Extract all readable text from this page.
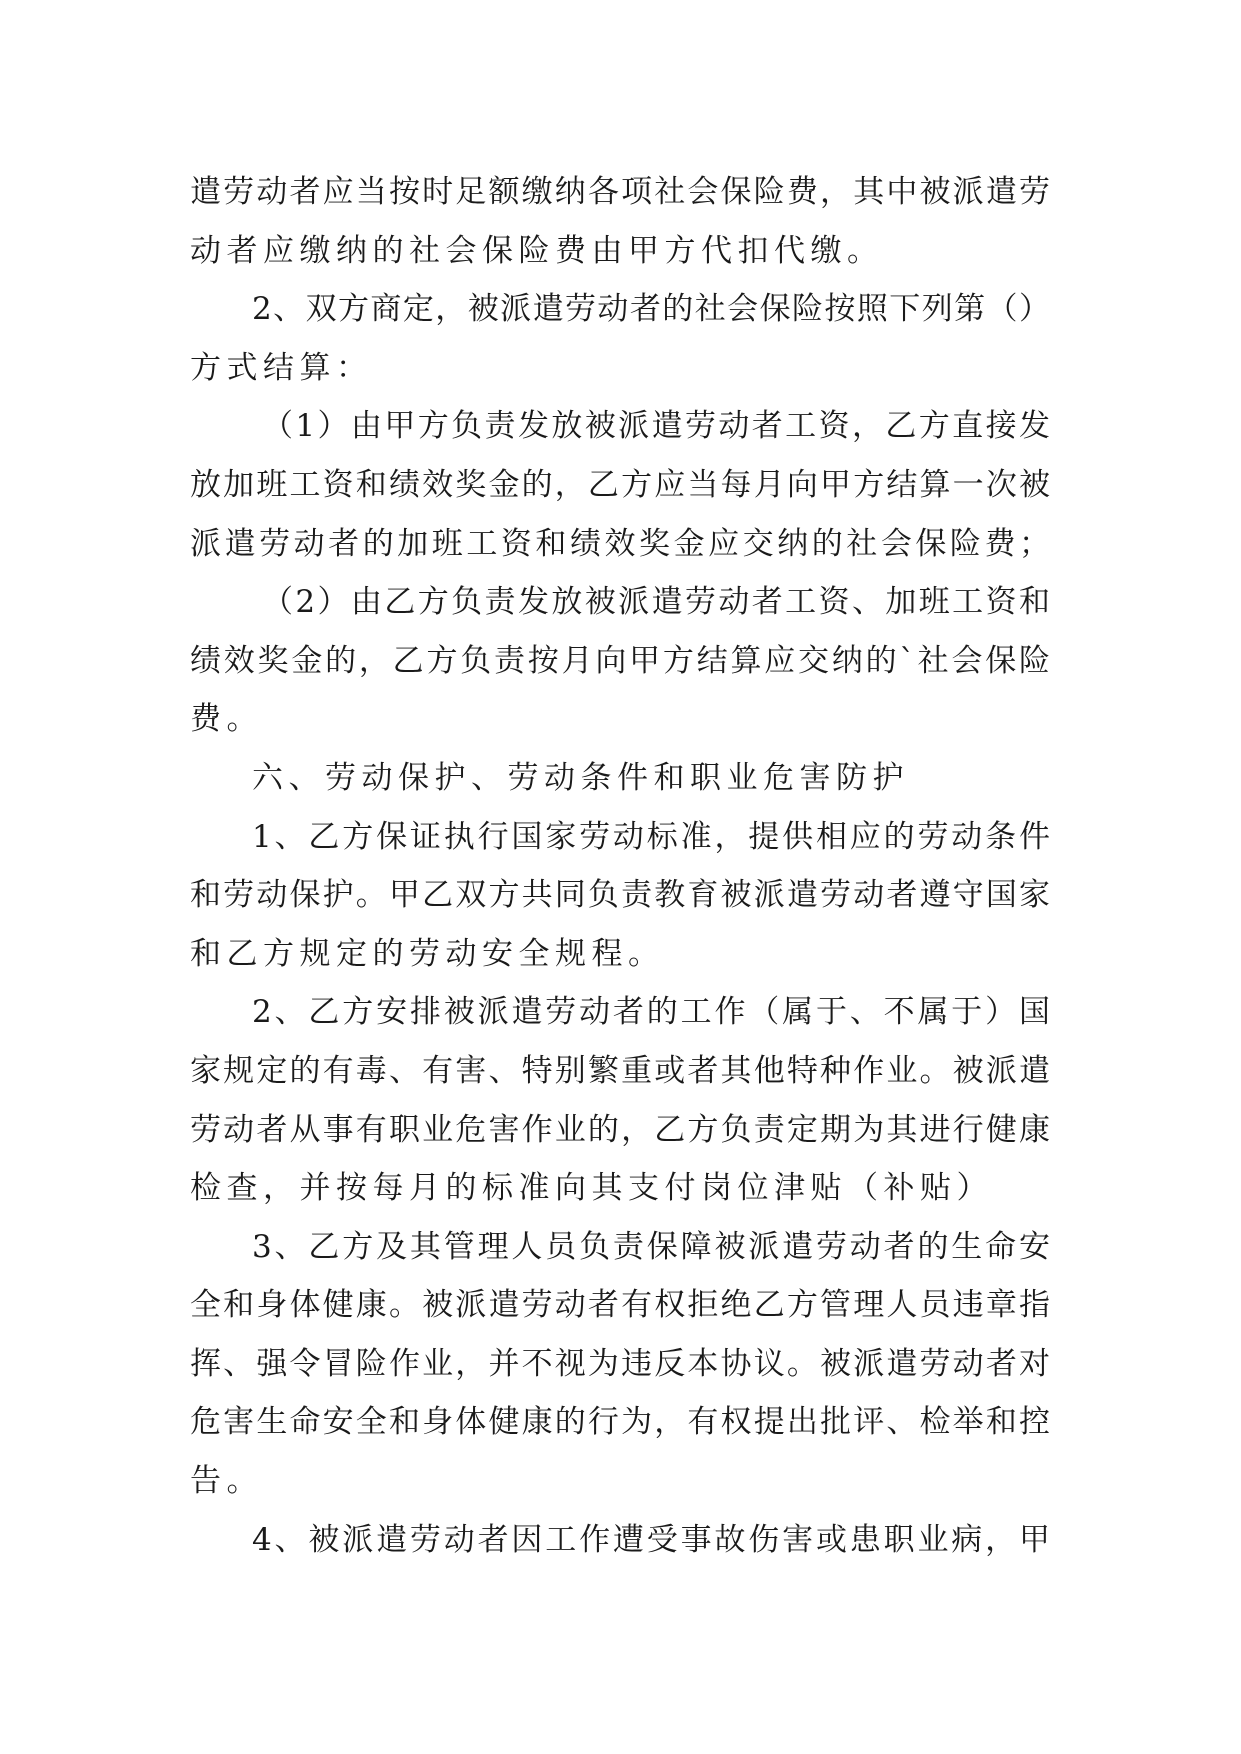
遣劳动者应当按时足额缴纳各项社会保险费，其中被派遣劳
动者应缴纳的社会保险费由甲方代扣代缴。
2、双方商定，被派遣劳动者的社会保险按照下列第（）
方式结算：
（1）由甲方负责发放被派遣劳动者工资，乙方直接发
放加班工资和绩效奖金的，乙方应当每月向甲方结算一次被
派遣劳动者的加班工资和绩效奖金应交纳的社会保险费；
（2）由乙方负责发放被派遣劳动者工资、加班工资和
绩效奖金的，乙方负责按月向甲方结算应交纳的`社会保险
费。
六、劳动保护、劳动条件和职业危害防护
1、乙方保证执行国家劳动标准，提供相应的劳动条件
和劳动保护。甲乙双方共同负责教育被派遣劳动者遵守国家
和乙方规定的劳动安全规程。
2、乙方安排被派遣劳动者的工作（属于、不属于）国
家规定的有毒、有害、特别繁重或者其他特种作业。被派遣
劳动者从事有职业危害作业的，乙方负责定期为其进行健康
检查，并按每月的标准向其支付岗位津贴（补贴）
3、乙方及其管理人员负责保障被派遣劳动者的生命安
全和身体健康。被派遣劳动者有权拒绝乙方管理人员违章指
挥、强令冒险作业，并不视为违反本协议。被派遣劳动者对
危害生命安全和身体健康的行为，有权提出批评、检举和控
告。
4、被派遣劳动者因工作遭受事故伤害或患职业病，甲
